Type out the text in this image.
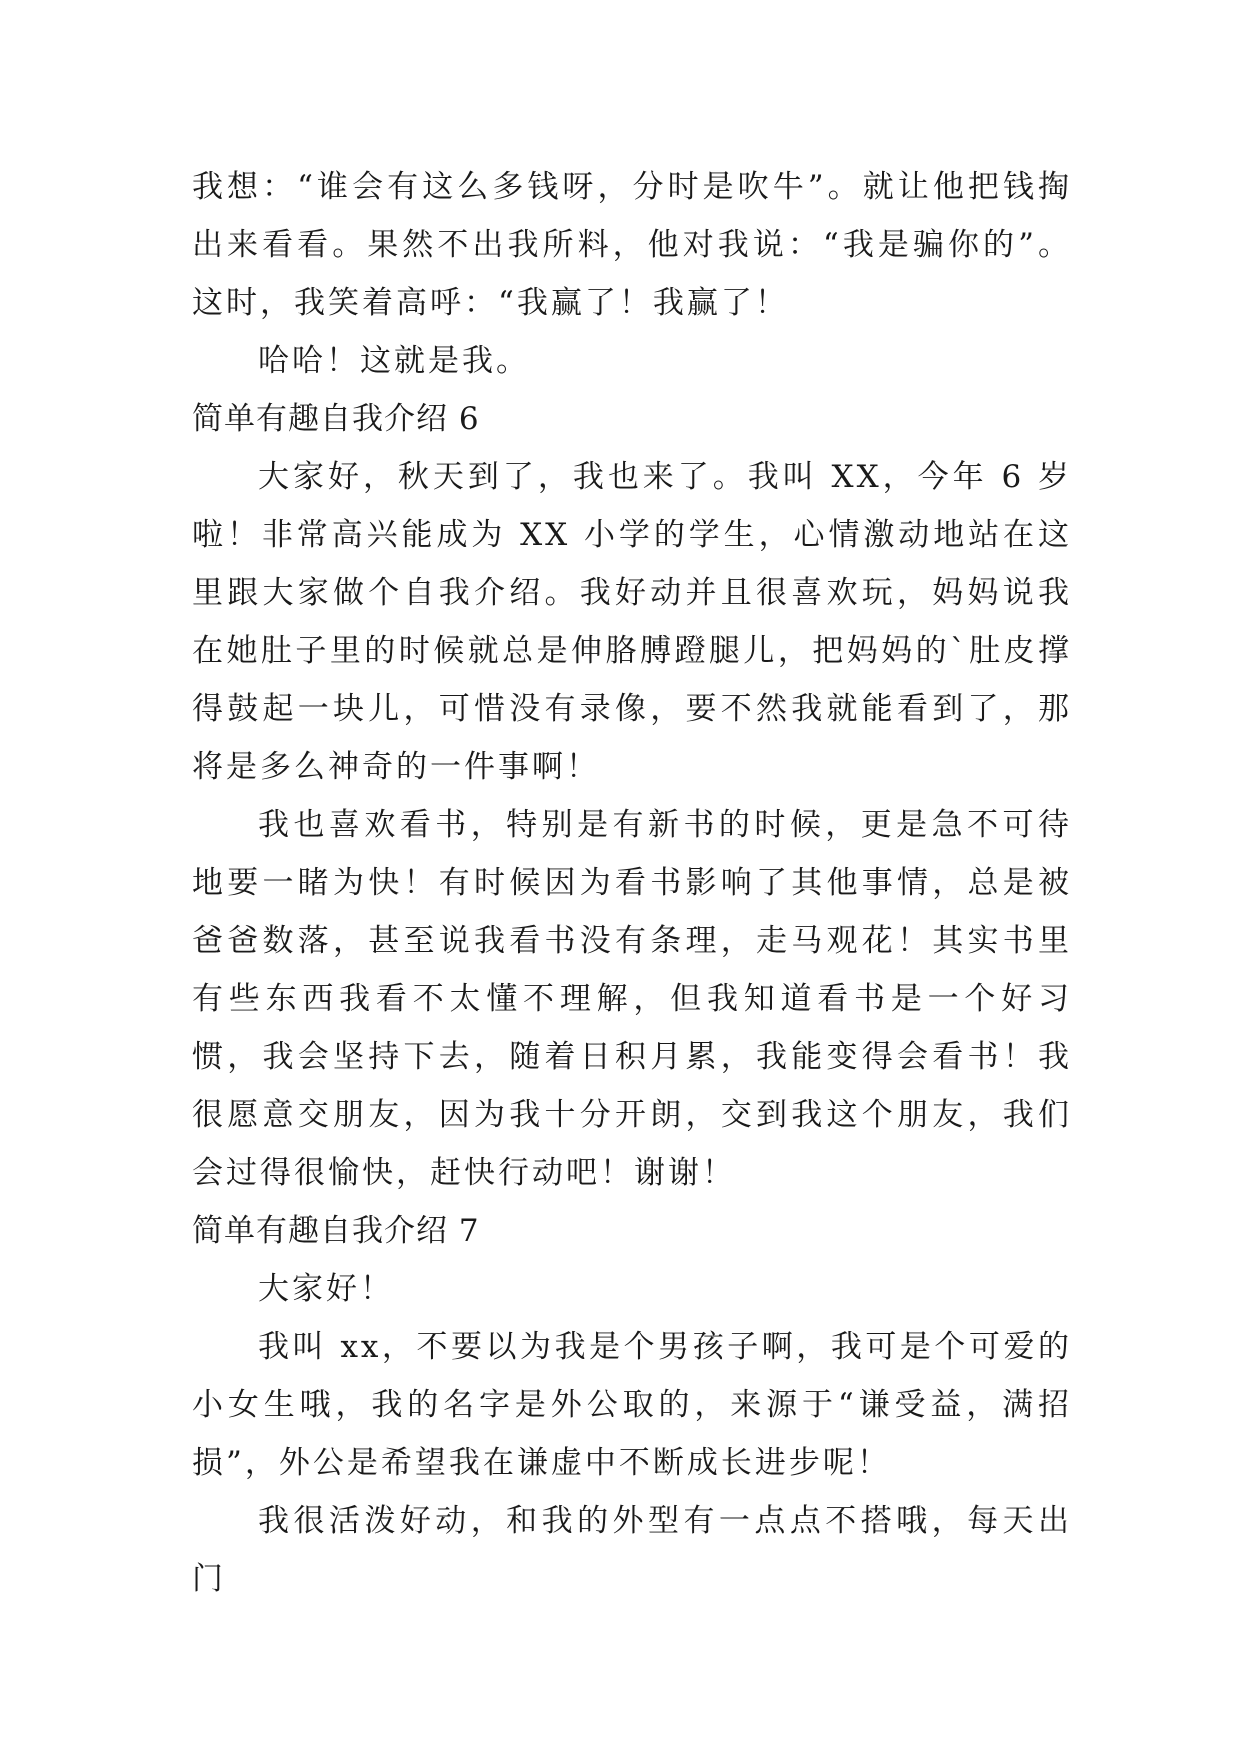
我想：“谁会有这么多钱呀，分时是吹牛”。就让他把钱掏出来看看。果然不出我所料，他对我说：“我是骗你的”。这时，我笑着高呼：“我赢了！我赢了！

哈哈！这就是我。

简单有趣自我介绍 6

大家好，秋天到了，我也来了。我叫 XX，今年 6 岁啦！非常高兴能成为 XX 小学的学生，心情激动地站在这里跟大家做个自我介绍。我好动并且很喜欢玩，妈妈说我在她肚子里的时候就总是伸胳膊蹬腿儿，把妈妈的`肚皮撑得鼓起一块儿，可惜没有录像，要不然我就能看到了，那将是多么神奇的一件事啊！

我也喜欢看书，特别是有新书的时候，更是急不可待地要一睹为快！有时候因为看书影响了其他事情，总是被爸爸数落，甚至说我看书没有条理，走马观花！其实书里有些东西我看不太懂不理解，但我知道看书是一个好习惯，我会坚持下去，随着日积月累，我能变得会看书！我很愿意交朋友，因为我十分开朗，交到我这个朋友，我们会过得很愉快，赶快行动吧！谢谢！

简单有趣自我介绍 7

大家好！

我叫 xx，不要以为我是个男孩子啊，我可是个可爱的小女生哦，我的名字是外公取的，来源于“谦受益，满招损”，外公是希望我在谦虚中不断成长进步呢！

我很活泼好动，和我的外型有一点点不搭哦，每天出门
